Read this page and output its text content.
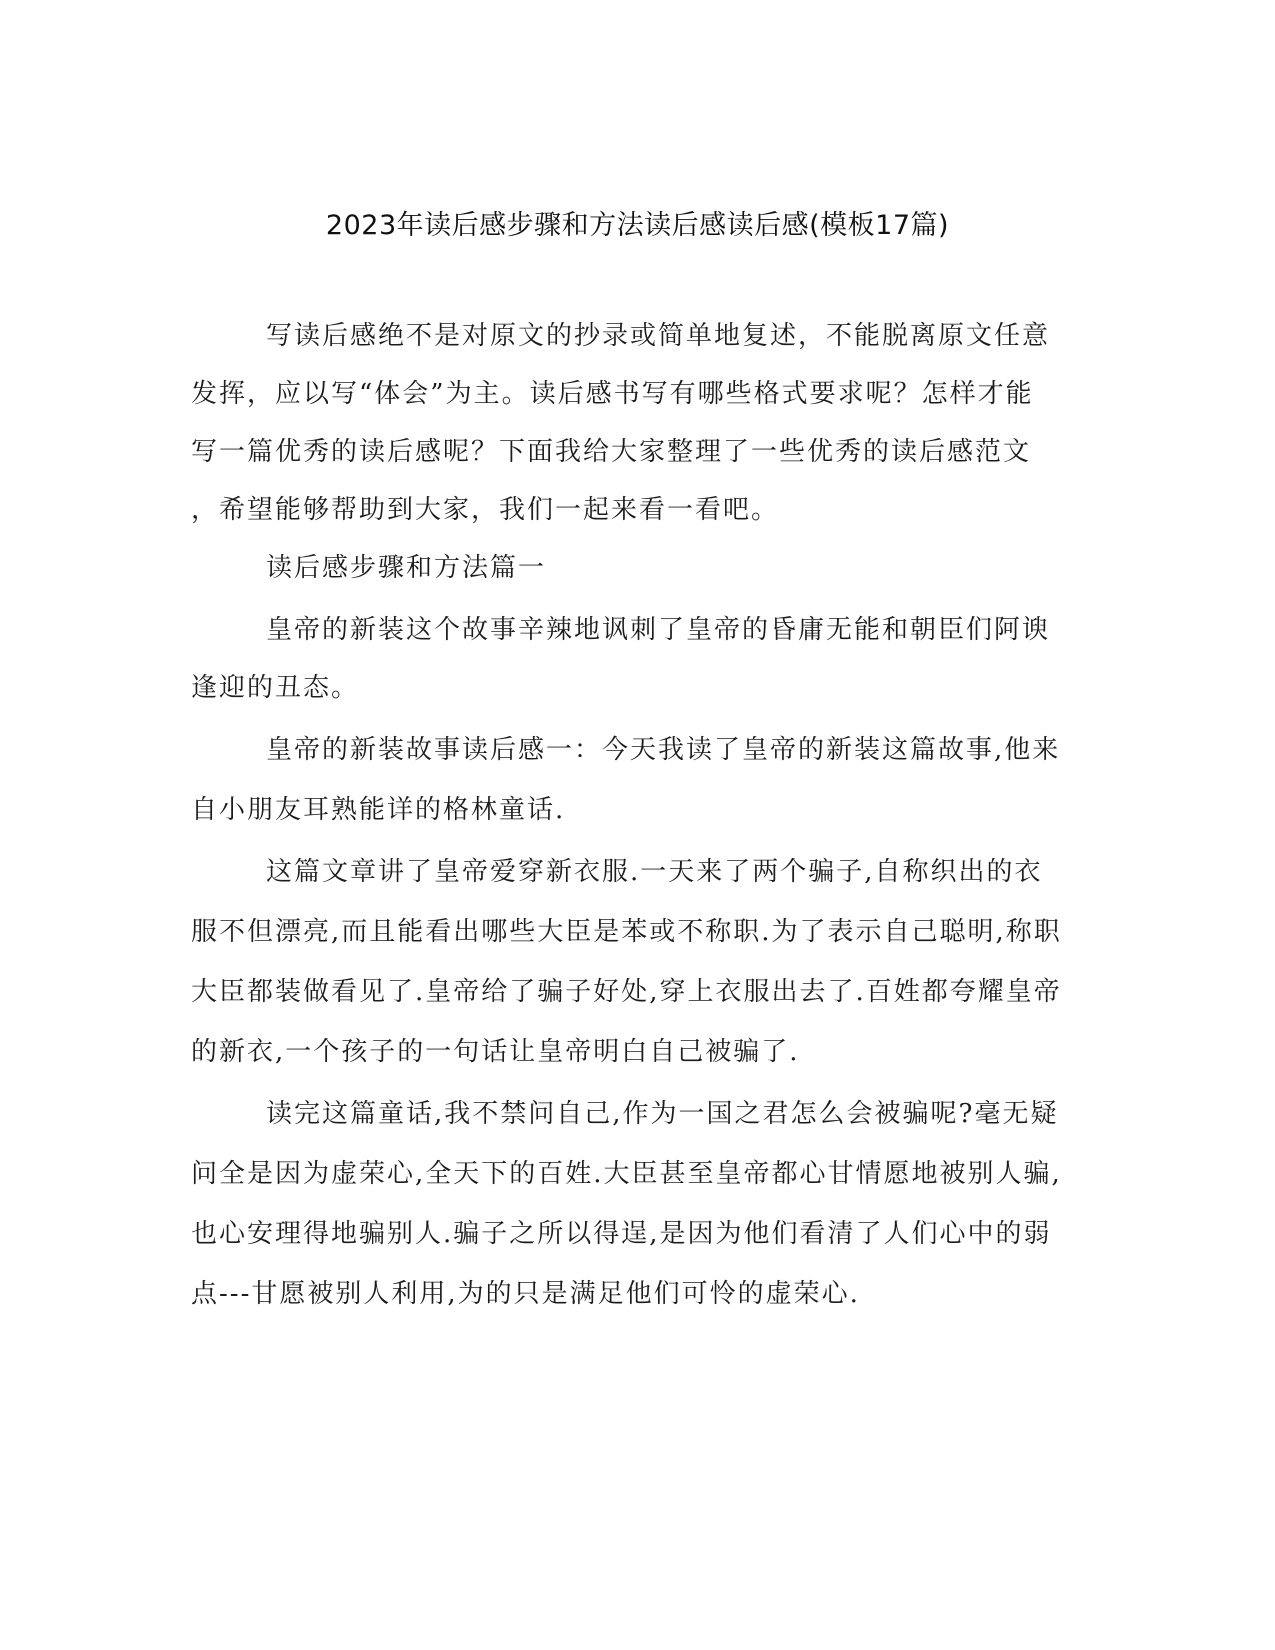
2023年读后感步骤和方法读后感读后感(模板17篇)
写读后感绝不是对原文的抄录或简单地复述，不能脱离原文任意
发挥，应以写“体会”为主。读后感书写有哪些格式要求呢？怎样才能
写一篇优秀的读后感呢？下面我给大家整理了一些优秀的读后感范文
，希望能够帮助到大家，我们一起来看一看吧。
读后感步骤和方法篇一
皇帝的新装这个故事辛辣地讽刺了皇帝的昏庸无能和朝臣们阿谀
逢迎的丑态。
皇帝的新装故事读后感一：今天我读了皇帝的新装这篇故事,他来
自小朋友耳熟能详的格林童话.
这篇文章讲了皇帝爱穿新衣服.一天来了两个骗子,自称织出的衣
服不但漂亮,而且能看出哪些大臣是苯或不称职.为了表示自己聪明,称职
大臣都装做看见了.皇帝给了骗子好处,穿上衣服出去了.百姓都夸耀皇帝
的新衣,一个孩子的一句话让皇帝明白自己被骗了.
读完这篇童话,我不禁问自己,作为一国之君怎么会被骗呢?毫无疑
问全是因为虚荣心,全天下的百姓.大臣甚至皇帝都心甘情愿地被别人骗,
也心安理得地骗别人.骗子之所以得逞,是因为他们看清了人们心中的弱
点---甘愿被别人利用,为的只是满足他们可怜的虚荣心.
